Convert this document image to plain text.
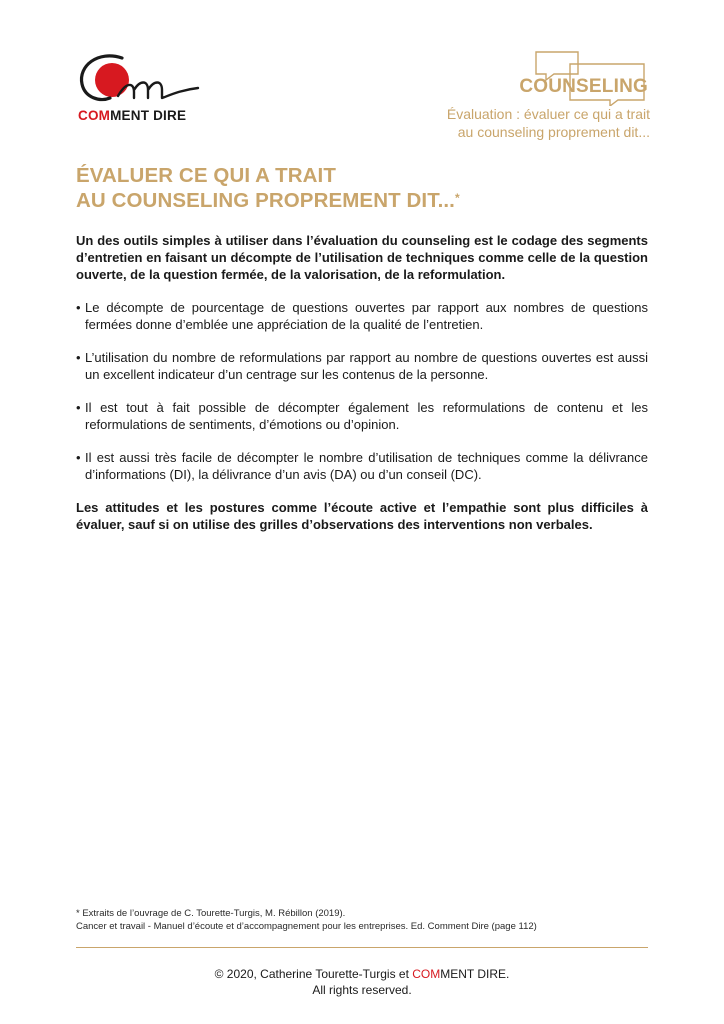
COMMENT DIRE
COUNSELING
Évaluation : évaluer ce qui a trait
au counseling proprement dit...
ÉVALUER CE QUI A TRAIT
AU COUNSELING PROPREMENT DIT...*

Un des outils simples à utiliser dans l’évaluation du counseling est le codage des segments d’entretien en faisant un décompte de l’utilisation de techniques comme celle de la question ouverte, de la question fermée, de la valorisation, de la reformulation.

• Le décompte de pourcentage de questions ouvertes par rapport aux nombres de questions fermées donne d’emblée une appréciation de la qualité de l’entretien.
• L’utilisation du nombre de reformulations par rapport au nombre de questions ouvertes est aussi un excellent indicateur d’un centrage sur les contenus de la personne.
• Il est tout à fait possible de décompter également les reformulations de contenu et les reformulations de sentiments, d’émotions ou d’opinion.
• Il est aussi très facile de décompter le nombre d’utilisation de techniques comme la délivrance d’informations (DI), la délivrance d’un avis (DA) ou d’un conseil (DC).

Les attitudes et les postures comme l’écoute active et l’empathie sont plus difficiles à évaluer, sauf si on utilise des grilles d’observations des interventions non verbales.

* Extraits de l’ouvrage de C. Tourette-Turgis, M. Rébillon (2019).
Cancer et travail - Manuel d’écoute et d’accompagnement pour les entreprises. Ed. Comment Dire (page 112)
© 2020, Catherine Tourette-Turgis et COMMENT DIRE.
All rights reserved.
